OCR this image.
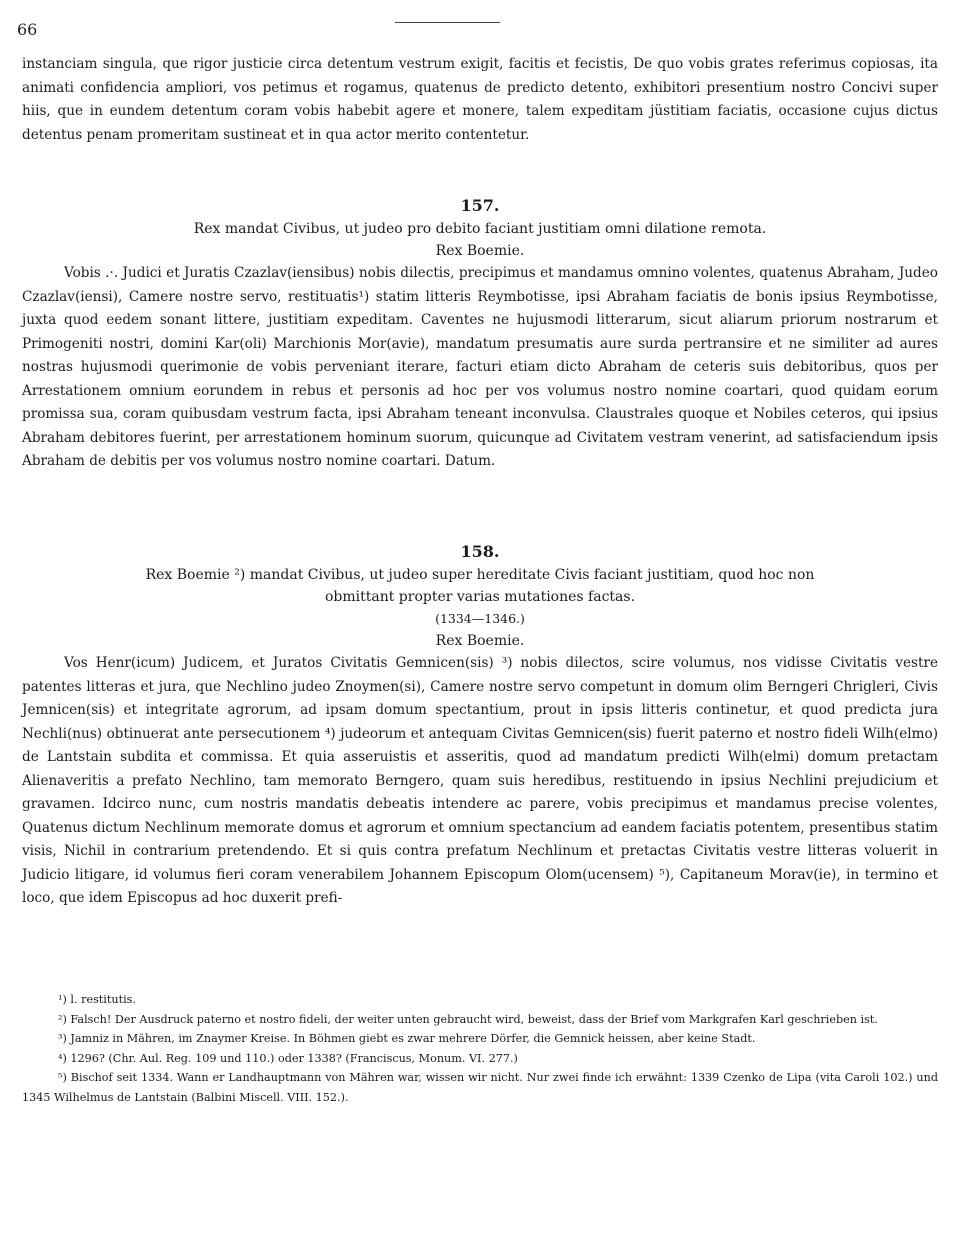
66

instanciam singula, que rigor justicie circa detentum vestrum exigit, facitis et fecistis, De quo vobis grates referimus copiosas, ita animati confidencia ampliori, vos petimus et rogamus, quatenus de predicto detento, exhibitori presentium nostro Concivi super hiis, que in eundem detentum coram vobis habebit agere et monere, talem expeditam jüstitiam faciatis, occasione cujus dictus detentus penam promeritam sustineat et in qua actor merito contentetur.

157.
Rex mandat Civibus, ut judeo pro debito faciant justitiam omni dilatione remota.
Rex Boemie.

Vobis .·. Judici et Juratis Czazlav(iensibus) nobis dilectis, precipimus et mandamus omnino volentes, quatenus Abraham, Judeo Czazlav(iensi), Camere nostre servo, restituatis¹) statim litteris Reymbotisse, ipsi Abraham faciatis de bonis ipsius Reymbotisse, juxta quod eedem sonant littere, justitiam expeditam. Caventes ne hujusmodi litterarum, sicut aliarum priorum nostrarum et Primogeniti nostri, domini Kar(oli) Marchionis Mor(avie), mandatum presumatis aure surda pertransire et ne similiter ad aures nostras hujusmodi querimonie de vobis perveniant iterare, facturi etiam dicto Abraham de ceteris suis debitoribus, quos per Arrestationem omnium eorundem in rebus et personis ad hoc per vos volumus nostro nomine coartari, quod quidam eorum promissa sua, coram quibusdam vestrum facta, ipsi Abraham teneant inconvulsa. Claustrales quoque et Nobiles ceteros, qui ipsius Abraham debitores fuerint, per arrestationem hominum suorum, quicunque ad Civitatem vestram venerint, ad satisfaciendum ipsis Abraham de debitis per vos volumus nostro nomine coartari. Datum.

158.
Rex Boemie ²) mandat Civibus, ut judeo super hereditate Civis faciant justitiam, quod hoc non obmittant propter varias mutationes factas.
(1334—1346.)
Rex Boemie.

Vos Henr(icum) Judicem, et Juratos Civitatis Gemnicen(sis) ³) nobis dilectos, scire volumus, nos vidisse Civitatis vestre patentes litteras et jura, que Nechlino judeo Znoymen(si), Camere nostre servo competunt in domum olim Berngeri Chrigleri, Civis Jemnicen(sis) et integritate agrorum, ad ipsam domum spectantium, prout in ipsis litteris continetur, et quod predicta jura Nechli(nus) obtinuerat ante persecutionem ⁴) judeorum et antequam Civitas Gemnicen(sis) fuerit paterno et nostro fideli Wilh(elmo) de Lantstain subdita et commissa. Et quia asseruistis et asseritis, quod ad mandatum predicti Wilh(elmi) domum pretactam Alienaveritis a prefato Nechlino, tam memorato Berngero, quam suis heredibus, restituendo in ipsius Nechlini prejudicium et gravamen. Idcirco nunc, cum nostris mandatis debeatis intendere ac parere, vobis precipimus et mandamus precise volentes, Quatenus dictum Nechlinum memorate domus et agrorum et omnium spectancium ad eandem faciatis potentem, presentibus statim visis, Nichil in contrarium pretendendo. Et si quis contra prefatum Nechlinum et pretactas Civitatis vestre litteras voluerit in Judicio litigare, id volumus fieri coram venerabilem Johannem Episcopum Olom(ucensem) ⁵), Capitaneum Morav(ie), in termino et loco, que idem Episcopus ad hoc duxerit prefi-

¹) l. restitutis.

²) Falsch! Der Ausdruck paterno et nostro fideli, der weiter unten gebraucht wird, beweist, dass der Brief vom Markgrafen Karl geschrieben ist.

³) Jamniz in Mähren, im Znaymer Kreise. In Böhmen giebt es zwar mehrere Dörfer, die Gemnick heissen, aber keine Stadt.

⁴) 1296? (Chr. Aul. Reg. 109 und 110.) oder 1338? (Franciscus, Monum. VI. 277.)

⁵) Bischof seit 1334. Wann er Landhauptmann von Mähren war, wissen wir nicht. Nur zwei finde ich erwähnt: 1339 Czenko de Lipa (vita Caroli 102.) und 1345 Wilhelmus de Lantstain (Balbini Miscell. VIII. 152.).
